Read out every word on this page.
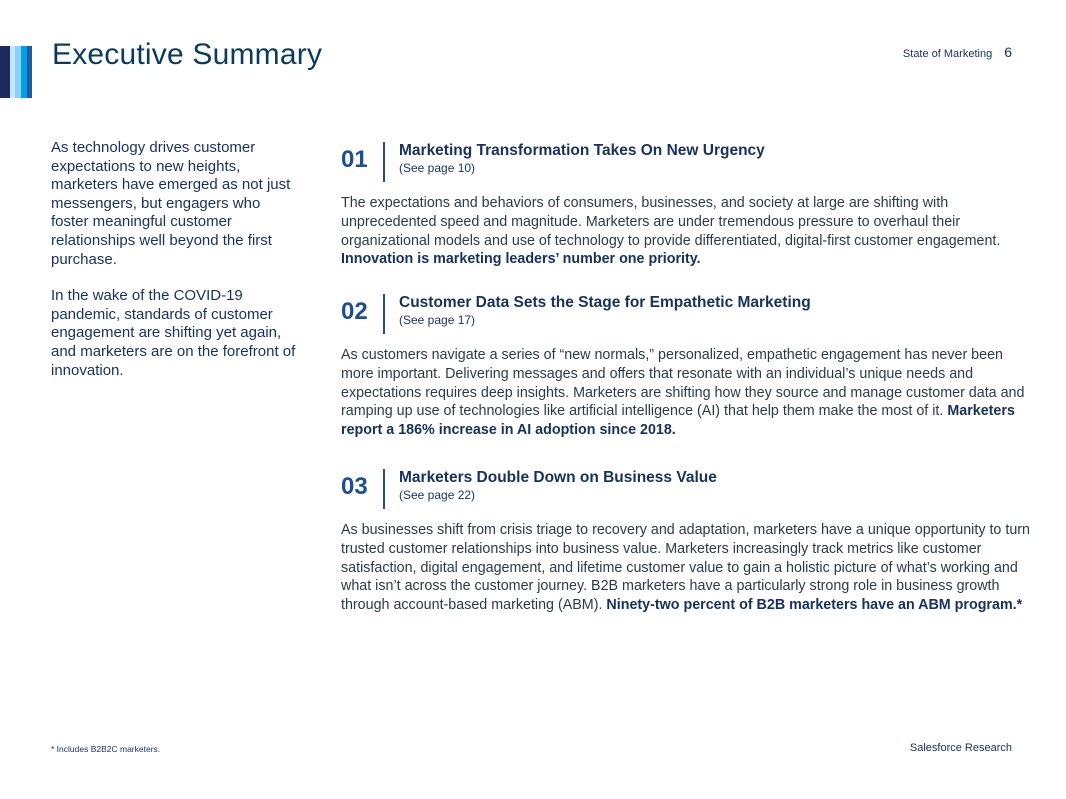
Executive Summary	State of Marketing 6

As technology drives customer expectations to new heights, marketers have emerged as not just messengers, but engagers who foster meaningful customer relationships well beyond the first purchase.

In the wake of the COVID-19 pandemic, standards of customer engagement are shifting yet again, and marketers are on the forefront of innovation.

01	Marketing Transformation Takes On New Urgency
(See page 10)
The expectations and behaviors of consumers, businesses, and society at large are shifting with unprecedented speed and magnitude. Marketers are under tremendous pressure to overhaul their organizational models and use of technology to provide differentiated, digital-first customer engagement. Innovation is marketing leaders’ number one priority.
02	Customer Data Sets the Stage for Empathetic Marketing
(See page 17)
As customers navigate a series of “new normals,” personalized, empathetic engagement has never been more important. Delivering messages and offers that resonate with an individual’s unique needs and expectations requires deep insights. Marketers are shifting how they source and manage customer data and ramping up use of technologies like artificial intelligence (AI) that help them make the most of it. Marketers report a 186% increase in AI adoption since 2018.
03	Marketers Double Down on Business Value
(See page 22)
As businesses shift from crisis triage to recovery and adaptation, marketers have a unique opportunity to turn trusted customer relationships into business value. Marketers increasingly track metrics like customer satisfaction, digital engagement, and lifetime customer value to gain a holistic picture of what’s working and what isn’t across the customer journey. B2B marketers have a particularly strong role in business growth through account-based marketing (ABM). Ninety-two percent of B2B marketers have an ABM program.*
* Includes B2B2C marketers.	Salesforce Research
